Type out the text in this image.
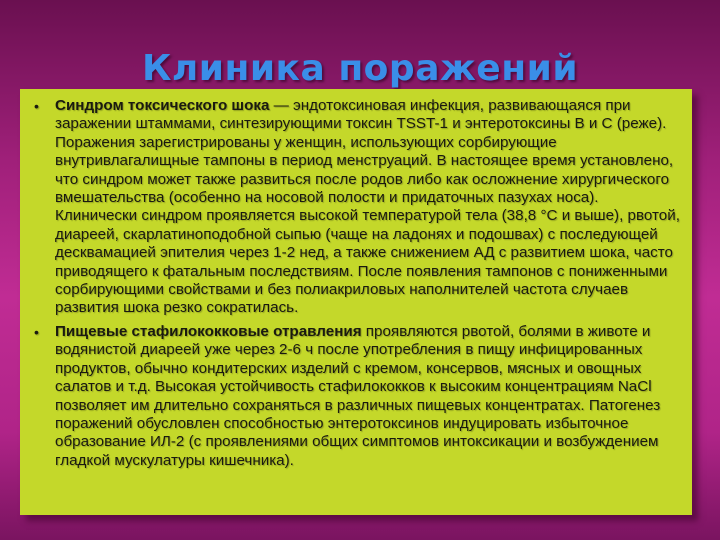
Клиника поражений
• Синдром токсического шока — эндотоксиновая инфекция, развивающаяся при заражении штаммами, синтезирующими токсин TSST-1 и энтеротоксины В и С (реже). Поражения зарегистрированы у женщин, использующих сорбирующие внутривлагалищные тампоны в период менструаций. В настоящее время установлено, что синдром может также развиться после родов либо как осложнение хирургического вмешательства (особенно на носовой полости и придаточных пазухах носа). Клинически синдром проявляется высокой температурой тела (38,8 °С и выше), рвотой, диареей, скарлатиноподобной сыпью (чаще на ладонях и подошвах) с последующей десквамацией эпителия через 1-2 нед, а также снижением АД с развитием шока, часто приводящего к фатальным последствиям. После появления тампонов с пониженными сорбирующими свойствами и без полиакриловых наполнителей частота случаев развития шока резко сократилась.
• Пищевые стафилококковые отравления проявляются рвотой, болями в животе и водянистой диареей уже через 2-6 ч после употребления в пищу инфицированных продуктов, обычно кондитерских изделий с кремом, консервов, мясных и овощных салатов и т.д. Высокая устойчивость стафилококков к высоким концентрациям NaCl позволяет им длительно сохраняться в различных пищевых концентратах. Патогенез поражений обусловлен способностью энтеротоксинов индуцировать избыточное образование ИЛ-2 (с проявлениями общих симптомов интоксикации и возбуждением гладкой мускулатуры кишечника).
